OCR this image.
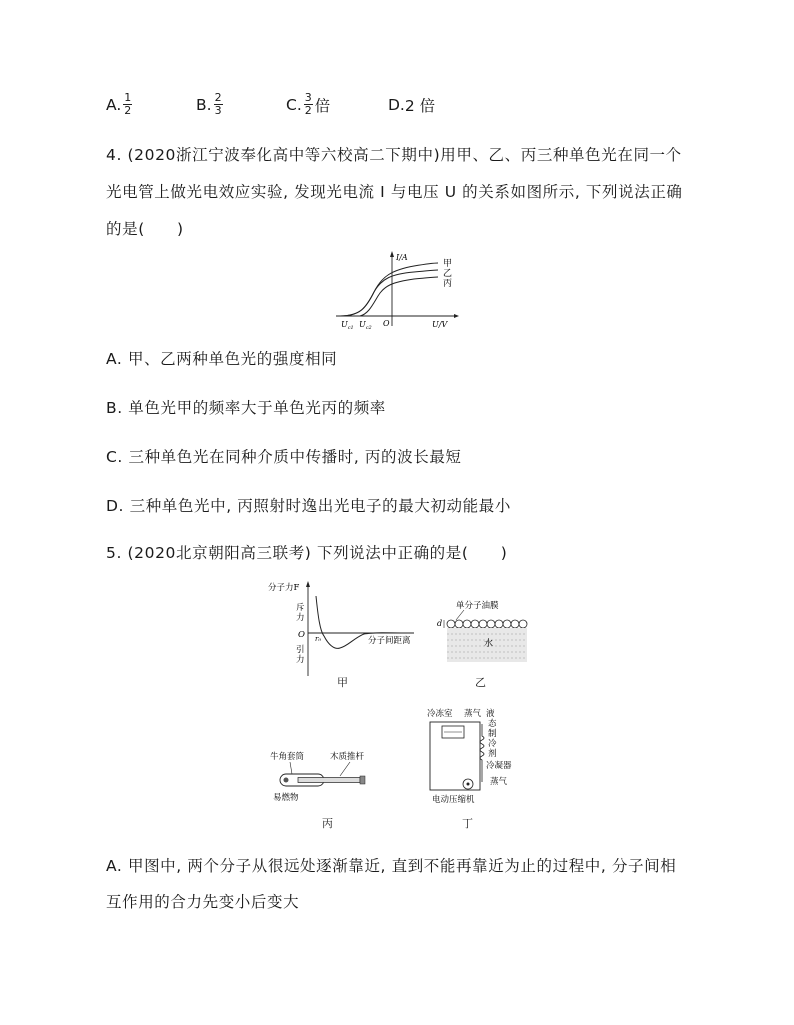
A. $\frac{1}{2}$	B. $\frac{2}{3}$	C. $\frac{3}{2}$ 倍	D. 2 倍
4. (2020浙江宁波奉化高中等六校高二下期中)用甲、乙、丙三种单色光在同一个
光电管上做光电效应实验, 发现光电流 I 与电压 U 的关系如图所示, 下列说法正确
的是(　　)
I/A
U/V
O
$U_{c1}$ $U_{c2}$
甲
乙
丙
A. 甲、乙两种单色光的强度相同
B. 单色光甲的频率大于单色光丙的频率
C. 三种单色光在同种介质中传播时, 丙的波长最短
D. 三种单色光中, 丙照射时逸出光电子的最大初动能最小
5. (2020北京朝阳高三联考) 下列说法中正确的是(　　)
分子力F
斥
力
O r₀
引
力
分子间距离
甲
单分子油膜
水
d
乙
牛角套筒	木质推杆
易燃物
丙
冷冻室 蒸气 液
态
制
冷
剂
冷凝器
蒸气
电动压缩机
丁
A. 甲图中, 两个分子从很远处逐渐靠近, 直到不能再靠近为止的过程中, 分子间相
互作用的合力先变小后变大
